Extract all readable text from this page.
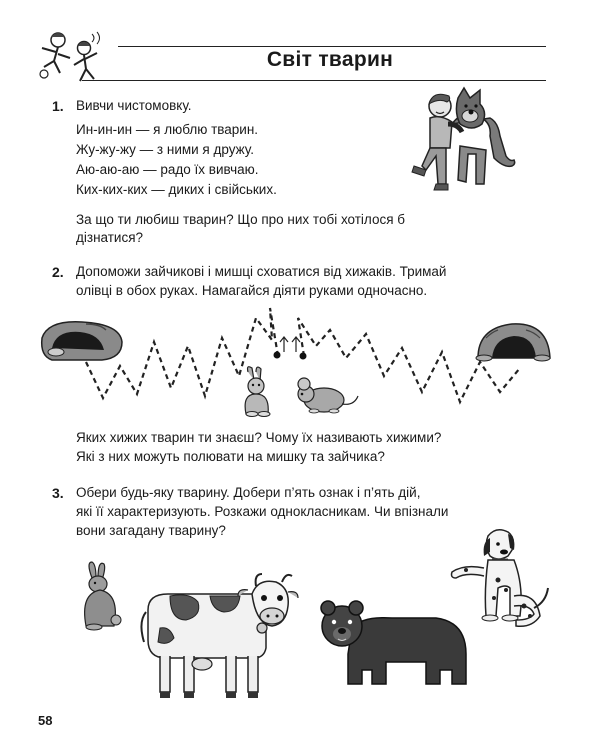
Світ тварин
1. Вивчи чистомовку.
Ин-ин-ин — я люблю тварин.
Жу-жу-жу — з ними я дружу.
Аю-аю-аю — радо їх вивчаю.
Ких-ких-ких — диких і свійських.
За що ти любиш тварин? Що про них тобі хотілося б
дізнатися?
2. Допоможи зайчикові і мишці сховатися від хижаків. Тримай
олівці в обох руках. Намагайся діяти руками одночасно.
Яких хижих тварин ти знаєш? Чому їх називають хижими?
Які з них можуть полювати на мишку та зайчика?
3. Обери будь-яку тварину. Добери п’ять ознак і п’ять дій,
які її характеризують. Розкажи однокласникам. Чи впізнали
вони загадану тварину?
58
